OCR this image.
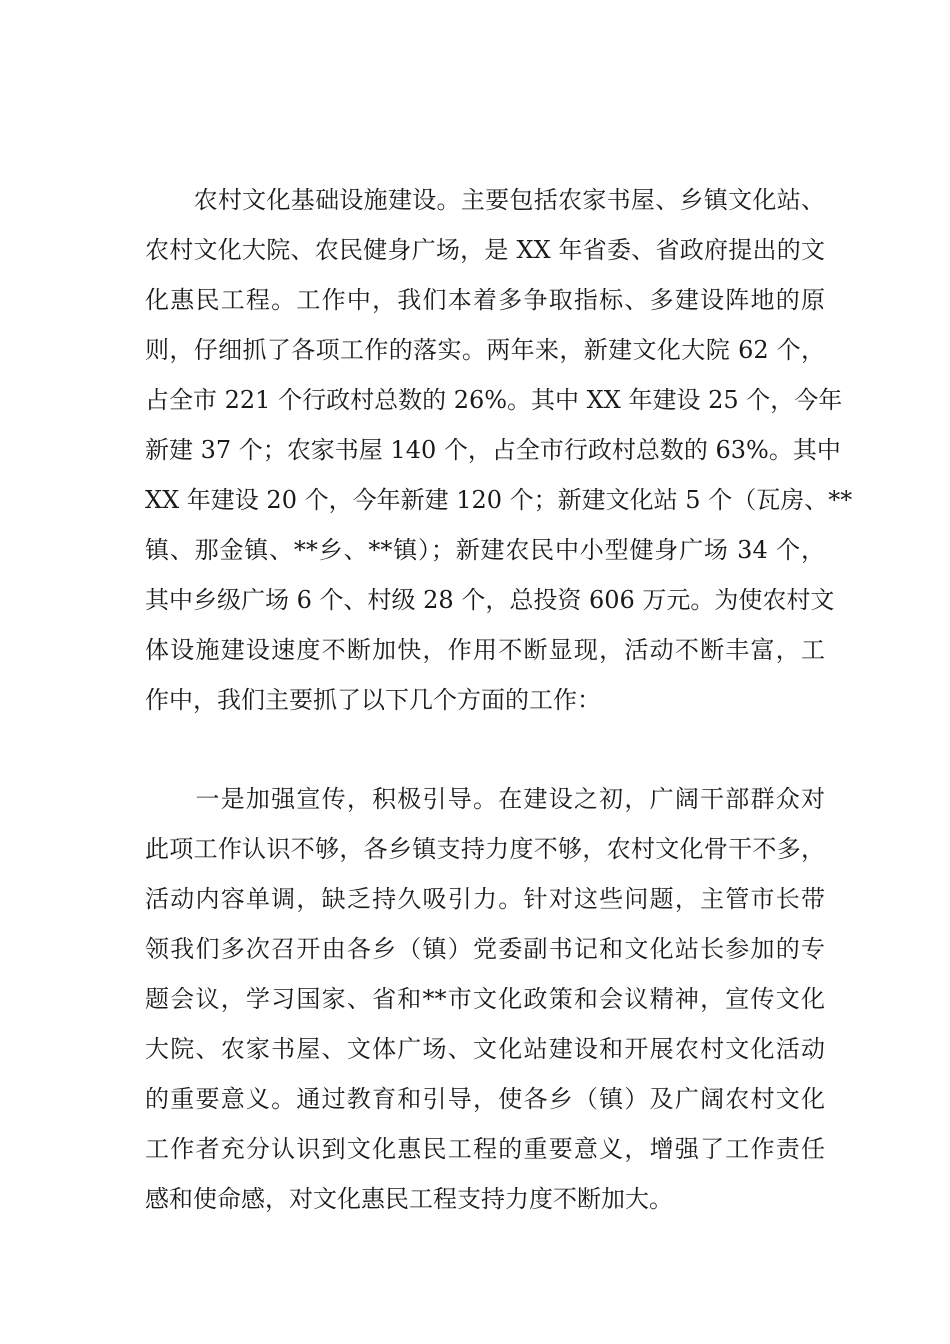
　　农村文化基础设施建设。主要包括农家书屋、乡镇文化站、
农村文化大院、农民健身广场，是 XX 年省委、省政府提出的文
化惠民工程。工作中，我们本着多争取指标、多建设阵地的原
则，仔细抓了各项工作的落实。两年来，新建文化大院 62 个，
占全市 221 个行政村总数的 26%。其中 XX 年建设 25 个，今年
新建 37 个；农家书屋 140 个，占全市行政村总数的 63%。其中
XX 年建设 20 个，今年新建 120 个；新建文化站 5 个（瓦房、**
镇、那金镇、**乡、**镇）；新建农民中小型健身广场 34 个，
其中乡级广场 6 个、村级 28 个，总投资 606 万元。为使农村文
体设施建设速度不断加快，作用不断显现，活动不断丰富，工
作中，我们主要抓了以下几个方面的工作：
　　一是加强宣传，积极引导。在建设之初，广阔干部群众对
此项工作认识不够，各乡镇支持力度不够，农村文化骨干不多，
活动内容单调，缺乏持久吸引力。针对这些问题，主管市长带
领我们多次召开由各乡（镇）党委副书记和文化站长参加的专
题会议，学习国家、省和**市文化政策和会议精神，宣传文化
大院、农家书屋、文体广场、文化站建设和开展农村文化活动
的重要意义。通过教育和引导，使各乡（镇）及广阔农村文化
工作者充分认识到文化惠民工程的重要意义，增强了工作责任
感和使命感，对文化惠民工程支持力度不断加大。
